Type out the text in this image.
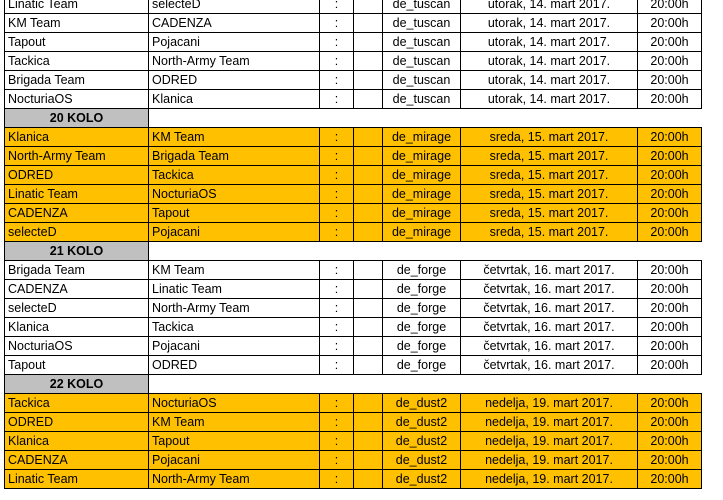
Linatic Team	selecteD	:		de_tuscan	utorak, 14. mart 2017.	20:00h
KM Team	CADENZA	:		de_tuscan	utorak, 14. mart 2017.	20:00h
Tapout	Pojacani	:		de_tuscan	utorak, 14. mart 2017.	20:00h
Tackica	North-Army Team	:		de_tuscan	utorak, 14. mart 2017.	20:00h
Brigada Team	ODRED	:		de_tuscan	utorak, 14. mart 2017.	20:00h
NocturiaOS	Klanica	:		de_tuscan	utorak, 14. mart 2017.	20:00h
20 KOLO						
Klanica	KM Team	:		de_mirage	sreda, 15. mart 2017.	20:00h
North-Army Team	Brigada Team	:		de_mirage	sreda, 15. mart 2017.	20:00h
ODRED	Tackica	:		de_mirage	sreda, 15. mart 2017.	20:00h
Linatic Team	NocturiaOS	:		de_mirage	sreda, 15. mart 2017.	20:00h
CADENZA	Tapout	:		de_mirage	sreda, 15. mart 2017.	20:00h
selecteD	Pojacani	:		de_mirage	sreda, 15. mart 2017.	20:00h
21 KOLO						
Brigada Team	KM Team	:		de_forge	četvrtak, 16. mart 2017.	20:00h
CADENZA	Linatic Team	:		de_forge	četvrtak, 16. mart 2017.	20:00h
selecteD	North-Army Team	:		de_forge	četvrtak, 16. mart 2017.	20:00h
Klanica	Tackica	:		de_forge	četvrtak, 16. mart 2017.	20:00h
NocturiaOS	Pojacani	:		de_forge	četvrtak, 16. mart 2017.	20:00h
Tapout	ODRED	:		de_forge	četvrtak, 16. mart 2017.	20:00h
22 KOLO						
Tackica	NocturiaOS	:		de_dust2	nedelja, 19. mart 2017.	20:00h
ODRED	KM Team	:		de_dust2	nedelja, 19. mart 2017.	20:00h
Klanica	Tapout	:		de_dust2	nedelja, 19. mart 2017.	20:00h
CADENZA	Pojacani	:		de_dust2	nedelja, 19. mart 2017.	20:00h
Linatic Team	North-Army Team	:		de_dust2	nedelja, 19. mart 2017.	20:00h
